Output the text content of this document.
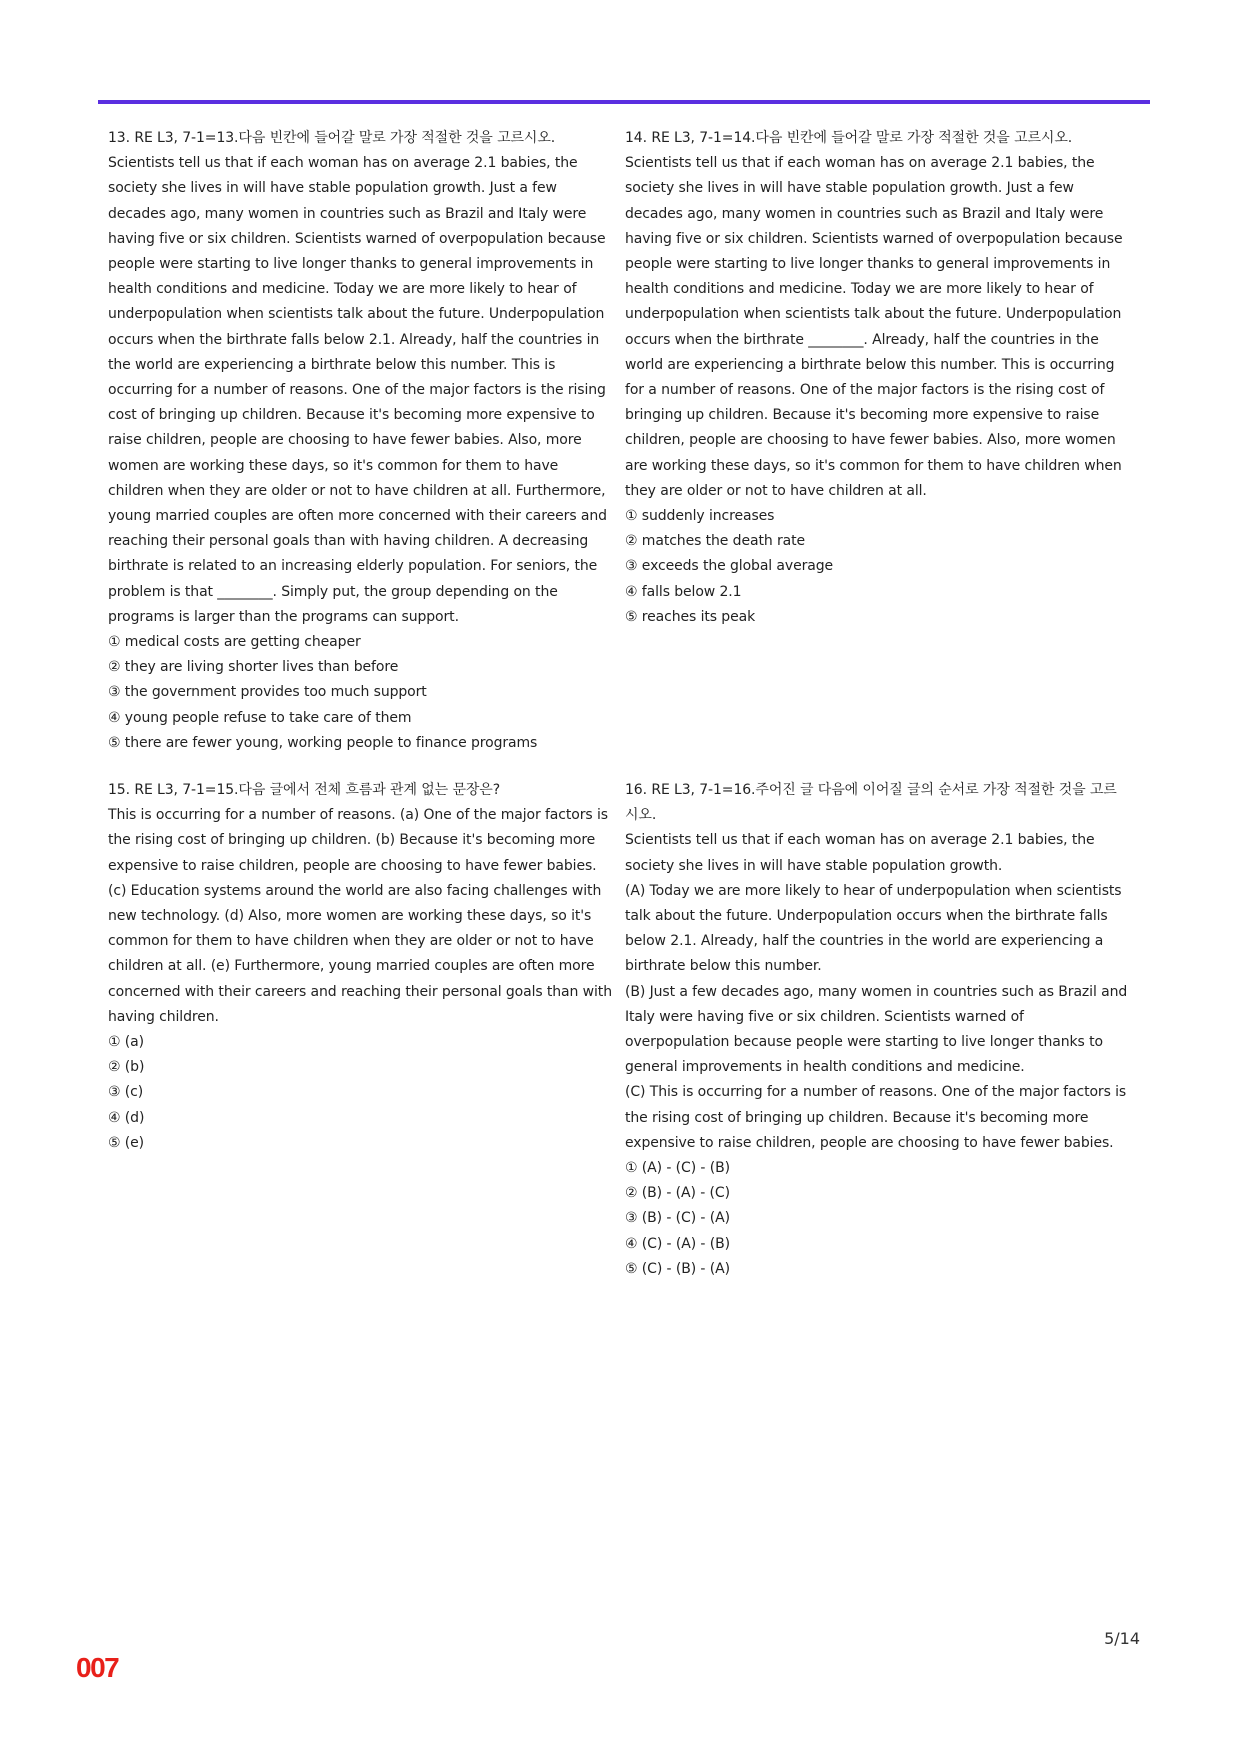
13. RE L3, 7-1=13.다음 빈칸에 들어갈 말로 가장 적절한 것을 고르시오.

Scientists tell us that if each woman has on average 2.1 babies, the society she lives in will have stable population growth. Just a few decades ago, many women in countries such as Brazil and Italy were having five or six children. Scientists warned of overpopulation because people were starting to live longer thanks to general improvements in health conditions and medicine. Today we are more likely to hear of underpopulation when scientists talk about the future. Underpopulation occurs when the birthrate falls below 2.1. Already, half the countries in the world are experiencing a birthrate below this number. This is occurring for a number of reasons. One of the major factors is the rising cost of bringing up children. Because it's becoming more expensive to raise children, people are choosing to have fewer babies. Also, more women are working these days, so it's common for them to have children when they are older or not to have children at all. Furthermore, young married couples are often more concerned with their careers and reaching their personal goals than with having children. A decreasing birthrate is related to an increasing elderly population. For seniors, the problem is that ________. Simply put, the group depending on the programs is larger than the programs can support.

① medical costs are getting cheaper
② they are living shorter lives than before
③ the government provides too much support
④ young people refuse to take care of them
⑤ there are fewer young, working people to finance programs

14. RE L3, 7-1=14.다음 빈칸에 들어갈 말로 가장 적절한 것을 고르시오.

Scientists tell us that if each woman has on average 2.1 babies, the society she lives in will have stable population growth. Just a few decades ago, many women in countries such as Brazil and Italy were having five or six children. Scientists warned of overpopulation because people were starting to live longer thanks to general improvements in health conditions and medicine. Today we are more likely to hear of underpopulation when scientists talk about the future. Underpopulation occurs when the birthrate ________. Already, half the countries in the world are experiencing a birthrate below this number. This is occurring for a number of reasons. One of the major factors is the rising cost of bringing up children. Because it's becoming more expensive to raise children, people are choosing to have fewer babies. Also, more women are working these days, so it's common for them to have children when they are older or not to have children at all.

① suddenly increases
② matches the death rate
③ exceeds the global average
④ falls below 2.1
⑤ reaches its peak

15. RE L3, 7-1=15.다음 글에서 전체 흐름과 관계 없는 문장은?

This is occurring for a number of reasons. (a) One of the major factors is the rising cost of bringing up children. (b) Because it's becoming more expensive to raise children, people are choosing to have fewer babies. (c) Education systems around the world are also facing challenges with new technology. (d) Also, more women are working these days, so it's common for them to have children when they are older or not to have children at all. (e) Furthermore, young married couples are often more concerned with their careers and reaching their personal goals than with having children.

① (a)
② (b)
③ (c)
④ (d)
⑤ (e)

16. RE L3, 7-1=16.주어진 글 다음에 이어질 글의 순서로 가장 적절한 것을 고르시오.

Scientists tell us that if each woman has on average 2.1 babies, the society she lives in will have stable population growth.

(A) Today we are more likely to hear of underpopulation when scientists talk about the future. Underpopulation occurs when the birthrate falls below 2.1. Already, half the countries in the world are experiencing a birthrate below this number.

(B) Just a few decades ago, many women in countries such as Brazil and Italy were having five or six children. Scientists warned of overpopulation because people were starting to live longer thanks to general improvements in health conditions and medicine.

(C) This is occurring for a number of reasons. One of the major factors is the rising cost of bringing up children. Because it's becoming more expensive to raise children, people are choosing to have fewer babies.

① (A) - (C) - (B)
② (B) - (A) - (C)
③ (B) - (C) - (A)
④ (C) - (A) - (B)
⑤ (C) - (B) - (A)
5/14
007
